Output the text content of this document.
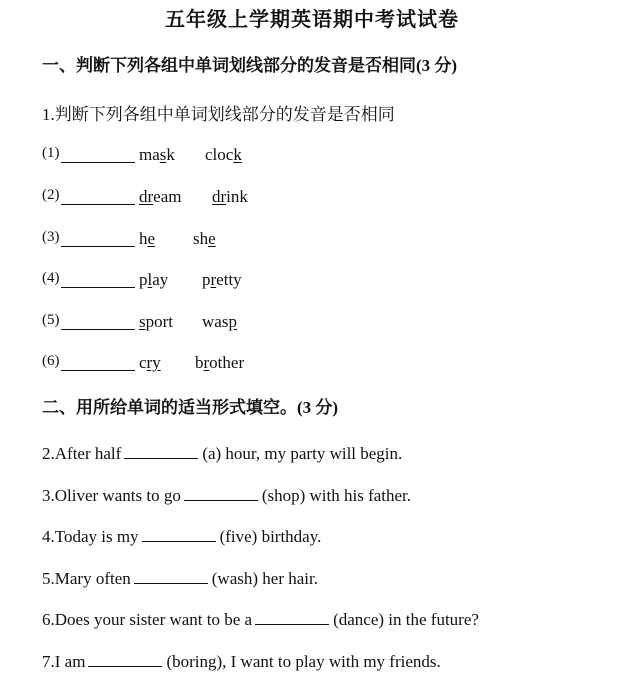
五年级上学期英语期中考试试卷
一、判断下列各组中单词划线部分的发音是否相同(3 分)
1.判断下列各组中单词划线部分的发音是否相同
(1)	mask clock
(2)	dream drink
(3)	he she
(4)	play pretty
(5)	sport wasp
(6)	cry brother
二、用所给单词的适当形式填空。(3 分)
2.After half	(a) hour, my party will begin.
3.Oliver wants to go	(shop) with his father.
4.Today is my	(five) birthday.
5.Mary often	(wash) her hair.
6.Does your sister want to be a	(dance) in the future?
7.I am	(boring), I want to play with my friends.
